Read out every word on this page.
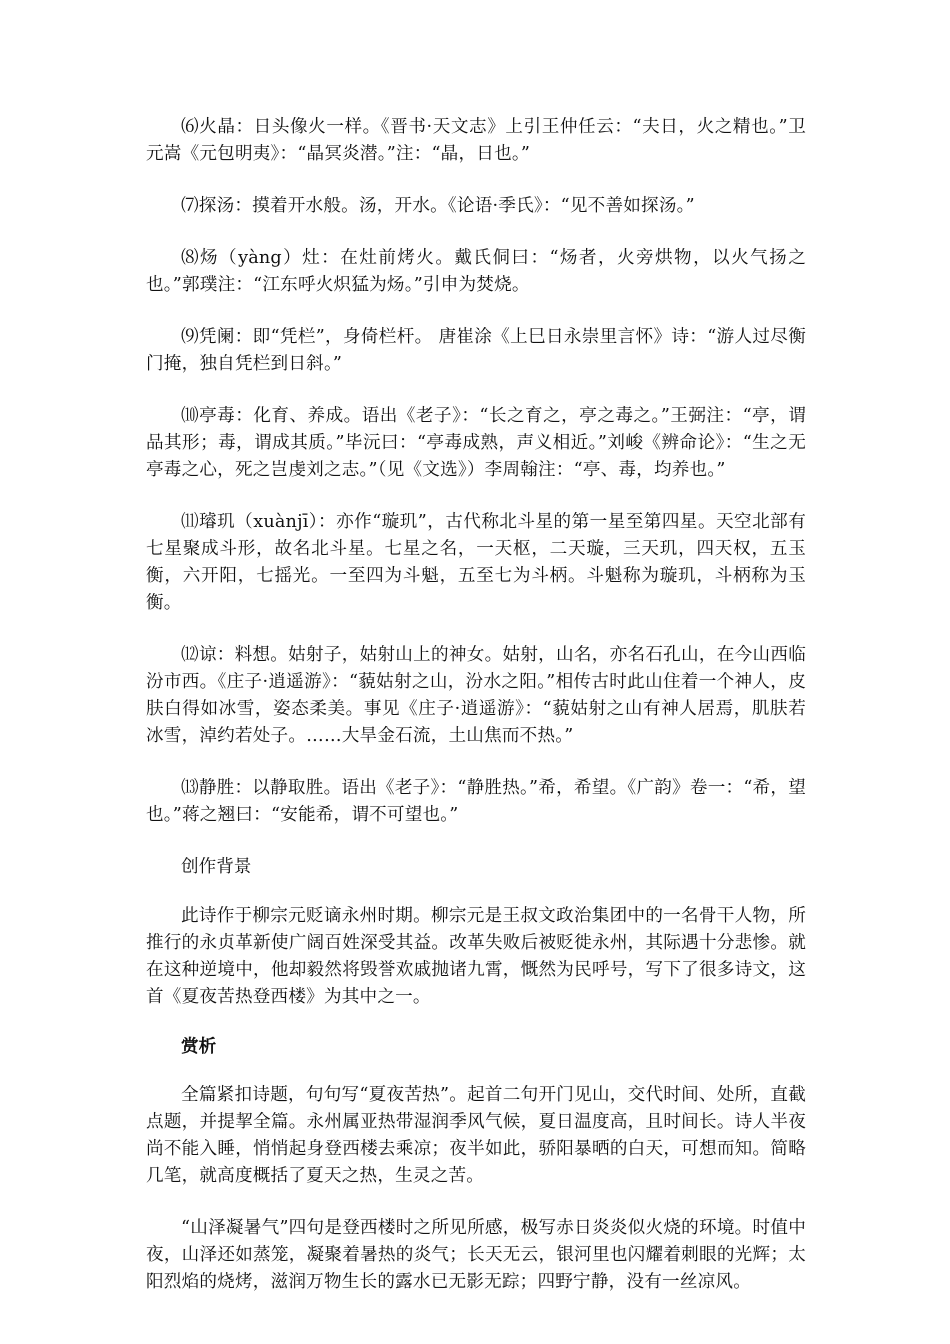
⑹火晶：日头像火一样。《晋书·天文志》上引王仲任云：“夫日，火之精也。”卫元嵩《元包明夷》：“晶冥炎潜。”注：“晶，日也。”

⑺探汤：摸着开水般。汤，开水。《论语·季氏》：“见不善如探汤。”

⑻炀（yàng）灶：在灶前烤火。戴氏侗曰：“炀者，火旁烘物，以火气扬之也。”郭璞注：“江东呼火炽猛为炀。”引申为焚烧。

⑼凭阑：即“凭栏”，身倚栏杆。 唐崔涂《上巳日永崇里言怀》诗：“游人过尽衡门掩，独自凭栏到日斜。”

⑽亭毒：化育、养成。语出《老子》：“长之育之，亭之毒之。”王弼注：“亭，谓品其形；毒，谓成其质。”毕沅曰：“亭毒成熟，声义相近。”刘峻《辨命论》：“生之无亭毒之心，死之岂虔刘之志。”（见《文选》）李周翰注：“亭、毒，均养也。”

⑾璿玑（xuànjī）：亦作“璇玑”，古代称北斗星的第一星至第四星。天空北部有七星聚成斗形，故名北斗星。七星之名，一天枢，二天璇，三天玑，四天权，五玉衡，六开阳，七摇光。一至四为斗魁，五至七为斗柄。斗魁称为璇玑，斗柄称为玉衡。

⑿谅：料想。姑射子，姑射山上的神女。姑射，山名，亦名石孔山，在今山西临汾市西。《庄子·逍遥游》：“藐姑射之山，汾水之阳。”相传古时此山住着一个神人，皮肤白得如冰雪，姿态柔美。事见《庄子·逍遥游》：“藐姑射之山有神人居焉，肌肤若冰雪，淖约若处子。……大旱金石流，土山焦而不热。”

⒀静胜：以静取胜。语出《老子》：“静胜热。”希，希望。《广韵》卷一：“希，望也。”蒋之翘曰：“安能希，谓不可望也。”

创作背景

此诗作于柳宗元贬谪永州时期。柳宗元是王叔文政治集团中的一名骨干人物，所推行的永贞革新使广阔百姓深受其益。改革失败后被贬徙永州，其际遇十分悲惨。就在这种逆境中，他却毅然将毁誉欢戚抛诸九霄，慨然为民呼号，写下了很多诗文，这首《夏夜苦热登西楼》为其中之一。

赏析

全篇紧扣诗题，句句写“夏夜苦热”。起首二句开门见山，交代时间、处所，直截点题，并提挈全篇。永州属亚热带湿润季风气候，夏日温度高，且时间长。诗人半夜尚不能入睡，悄悄起身登西楼去乘凉；夜半如此，骄阳暴晒的白天，可想而知。简略几笔，就高度概括了夏天之热，生灵之苦。

“山泽凝暑气”四句是登西楼时之所见所感，极写赤日炎炎似火烧的环境。时值中夜，山泽还如蒸笼，凝聚着暑热的炎气；长天无云，银河里也闪耀着刺眼的光辉；太阳烈焰的烧烤，滋润万物生长的露水已无影无踪；四野宁静，没有一丝凉风。
